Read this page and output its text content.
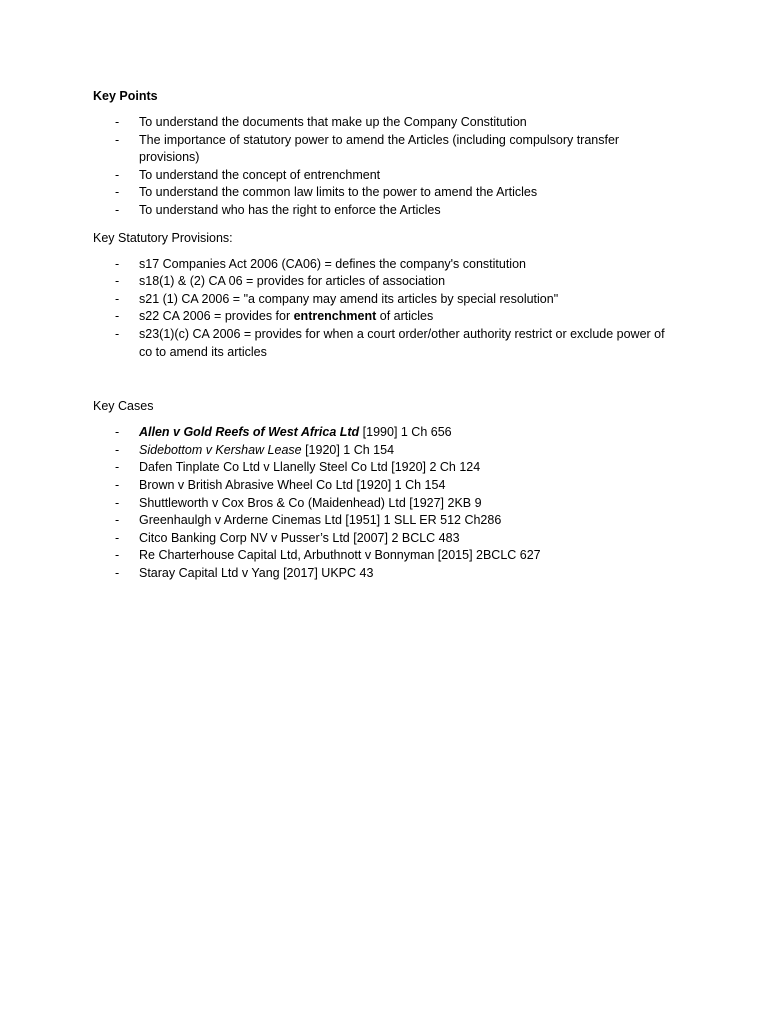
Key Points

- To understand the documents that make up the Company Constitution
- The importance of statutory power to amend the Articles (including compulsory transfer provisions)
- To understand the concept of entrenchment
- To understand the common law limits to the power to amend the Articles
- To understand who has the right to enforce the Articles

Key Statutory Provisions:

- s17 Companies Act 2006 (CA06) = defines the company's constitution
- s18(1) & (2) CA 06 = provides for articles of association
- s21 (1) CA 2006 = "a company may amend its articles by special resolution"
- s22 CA 2006 = provides for entrenchment of articles
- s23(1)(c) CA 2006 = provides for when a court order/other authority restrict or exclude power of co to amend its articles

Key Cases

- Allen v Gold Reefs of West Africa Ltd [1990] 1 Ch 656
- Sidebottom v Kershaw Lease [1920] 1 Ch 154
- Dafen Tinplate Co Ltd v Llanelly Steel Co Ltd [1920] 2 Ch 124
- Brown v British Abrasive Wheel Co Ltd [1920] 1 Ch 154
- Shuttleworth v Cox Bros & Co (Maidenhead) Ltd [1927] 2KB 9
- Greenhaulgh v Arderne Cinemas Ltd [1951] 1 SLL ER 512 Ch286
- Citco Banking Corp NV v Pusser’s Ltd [2007] 2 BCLC 483
- Re Charterhouse Capital Ltd, Arbuthnott v Bonnyman [2015] 2BCLC 627
- Staray Capital Ltd v Yang [2017] UKPC 43
